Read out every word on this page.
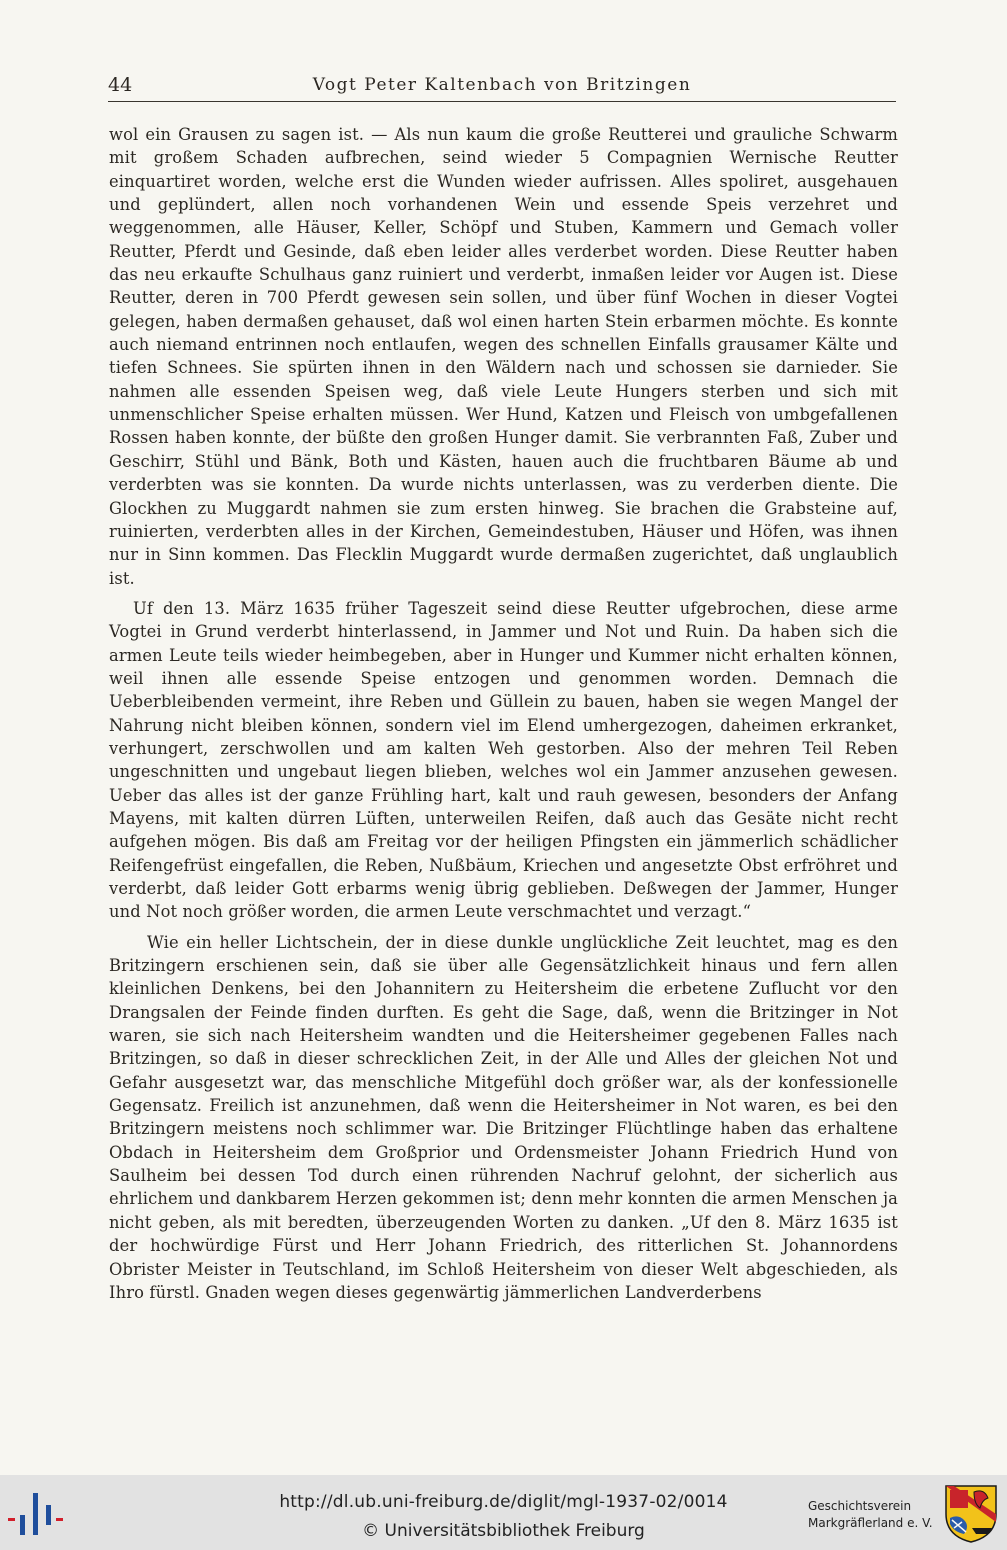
44	Vogt Peter Kaltenbach von Britzingen

wol ein Grausen zu sagen ist. — Als nun kaum die große Reutterei und grauliche Schwarm mit großem Schaden aufbrechen, seind wieder 5 Compagnien Wernische Reutter einquartiret worden, welche erst die Wunden wieder aufrissen. Alles spoliret, ausgehauen und geplündert, allen noch vorhandenen Wein und essende Speis verzehret und weggenommen, alle Häuser, Keller, Schöpf und Stuben, Kammern und Gemach voller Reutter, Pferdt und Gesinde, daß eben leider alles verderbet worden. Diese Reutter haben das neu erkaufte Schulhaus ganz ruiniert und verderbt, inmaßen leider vor Augen ist. Diese Reutter, deren in 700 Pferdt gewesen sein sollen, und über fünf Wochen in dieser Vogtei gelegen, haben dermaßen gehauset, daß wol einen harten Stein erbarmen möchte. Es konnte auch niemand entrinnen noch entlaufen, wegen des schnellen Einfalls grausamer Kälte und tiefen Schnees. Sie spürten ihnen in den Wäldern nach und schossen sie darnieder. Sie nahmen alle essenden Speisen weg, daß viele Leute Hungers sterben und sich mit unmenschlicher Speise erhalten müssen. Wer Hund, Katzen und Fleisch von umbgefallenen Rossen haben konnte, der büßte den großen Hunger damit. Sie verbrannten Faß, Zuber und Geschirr, Stühl und Bänk, Both und Kästen, hauen auch die fruchtbaren Bäume ab und verderbten was sie konnten. Da wurde nichts unterlassen, was zu verderben diente. Die Glockhen zu Muggardt nahmen sie zum ersten hinweg. Sie brachen die Grabsteine auf, ruinierten, verderbten alles in der Kirchen, Gemeindestuben, Häuser und Höfen, was ihnen nur in Sinn kommen. Das Flecklin Muggardt wurde dermaßen zugerichtet, daß unglaublich ist.

Uf den 13. März 1635 früher Tageszeit seind diese Reutter ufgebrochen, diese arme Vogtei in Grund verderbt hinterlassend, in Jammer und Not und Ruin. Da haben sich die armen Leute teils wieder heimbegeben, aber in Hunger und Kummer nicht erhalten können, weil ihnen alle essende Speise entzogen und genommen worden. Demnach die Ueberbleibenden vermeint, ihre Reben und Güllein zu bauen, haben sie wegen Mangel der Nahrung nicht bleiben können, sondern viel im Elend umhergezogen, daheimen erkranket, verhungert, zerschwollen und am kalten Weh gestorben. Also der mehren Teil Reben ungeschnitten und ungebaut liegen blieben, welches wol ein Jammer anzusehen gewesen. Ueber das alles ist der ganze Frühling hart, kalt und rauh gewesen, besonders der Anfang Mayens, mit kalten dürren Lüften, unterweilen Reifen, daß auch das Gesäte nicht recht aufgehen mögen. Bis daß am Freitag vor der heiligen Pfingsten ein jämmerlich schädlicher Reifengefrüst eingefallen, die Reben, Nußbäum, Kriechen und angesetzte Obst erfröhret und verderbt, daß leider Gott erbarms wenig übrig geblieben. Deßwegen der Jammer, Hunger und Not noch größer worden, die armen Leute verschmachtet und verzagt.“

Wie ein heller Lichtschein, der in diese dunkle unglückliche Zeit leuchtet, mag es den Britzingern erschienen sein, daß sie über alle Gegensätzlichkeit hinaus und fern allen kleinlichen Denkens, bei den Johannitern zu Heitersheim die erbetene Zuflucht vor den Drangsalen der Feinde finden durften. Es geht die Sage, daß, wenn die Britzinger in Not waren, sie sich nach Heitersheim wandten und die Heitersheimer gegebenen Falles nach Britzingen, so daß in dieser schrecklichen Zeit, in der Alle und Alles der gleichen Not und Gefahr ausgesetzt war, das menschliche Mitgefühl doch größer war, als der konfessionelle Gegensatz. Freilich ist anzunehmen, daß wenn die Heitersheimer in Not waren, es bei den Britzingern meistens noch schlimmer war. Die Britzinger Flüchtlinge haben das erhaltene Obdach in Heitersheim dem Großprior und Ordensmeister Johann Friedrich Hund von Saulheim bei dessen Tod durch einen rührenden Nachruf gelohnt, der sicherlich aus ehrlichem und dankbarem Herzen gekommen ist; denn mehr konnten die armen Menschen ja nicht geben, als mit beredten, überzeugenden Worten zu danken. „Uf den 8. März 1635 ist der hochwürdige Fürst und Herr Johann Friedrich, des ritterlichen St. Johannordens Obrister Meister in Teutschland, im Schloß Heitersheim von dieser Welt abgeschieden, als Ihro fürstl. Gnaden wegen dieses gegenwärtig jämmerlichen Landverderbens

http://dl.ub.uni-freiburg.de/diglit/mgl-1937-02/0014
© Universitätsbibliothek Freiburg
Geschichtsverein
Markgräflerland e. V.
